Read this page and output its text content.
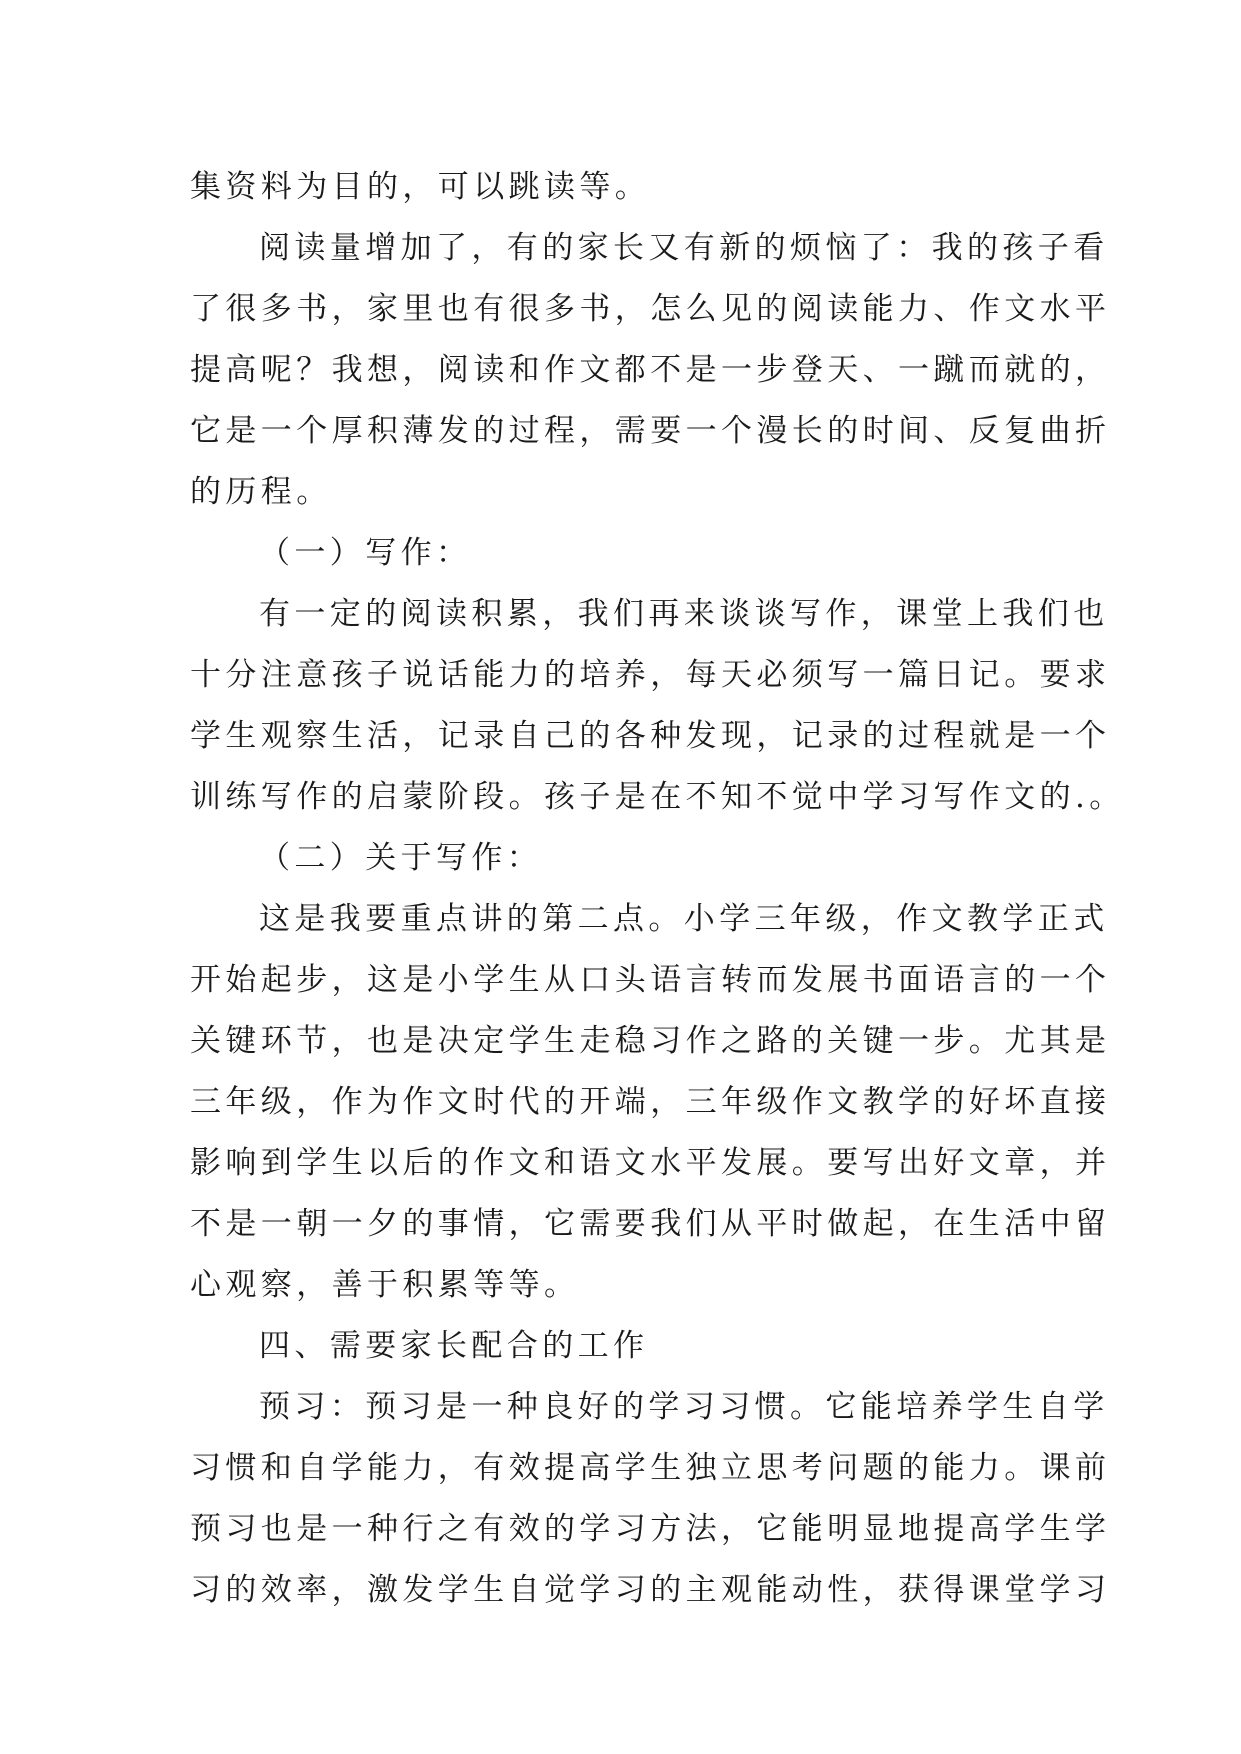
集资料为目的，可以跳读等。

阅读量增加了，有的家长又有新的烦恼了：我的孩子看

了很多书，家里也有很多书，怎么见的阅读能力、作文水平

提高呢？我想，阅读和作文都不是一步登天、一蹴而就的，

它是一个厚积薄发的过程，需要一个漫长的时间、反复曲折

的历程。

（一）写作：

有一定的阅读积累，我们再来谈谈写作，课堂上我们也

十分注意孩子说话能力的培养，每天必须写一篇日记。要求

学生观察生活，记录自己的各种发现，记录的过程就是一个

训练写作的启蒙阶段。孩子是在不知不觉中学习写作文的.。

（二）关于写作：

这是我要重点讲的第二点。小学三年级，作文教学正式

开始起步，这是小学生从口头语言转而发展书面语言的一个

关键环节，也是决定学生走稳习作之路的关键一步。尤其是

三年级，作为作文时代的开端，三年级作文教学的好坏直接

影响到学生以后的作文和语文水平发展。要写出好文章，并

不是一朝一夕的事情，它需要我们从平时做起，在生活中留

心观察，善于积累等等。

四、需要家长配合的工作

预习：预习是一种良好的学习习惯。它能培养学生自学

习惯和自学能力，有效提高学生独立思考问题的能力。课前

预习也是一种行之有效的学习方法，它能明显地提高学生学

习的效率，激发学生自觉学习的主观能动性，获得课堂学习
